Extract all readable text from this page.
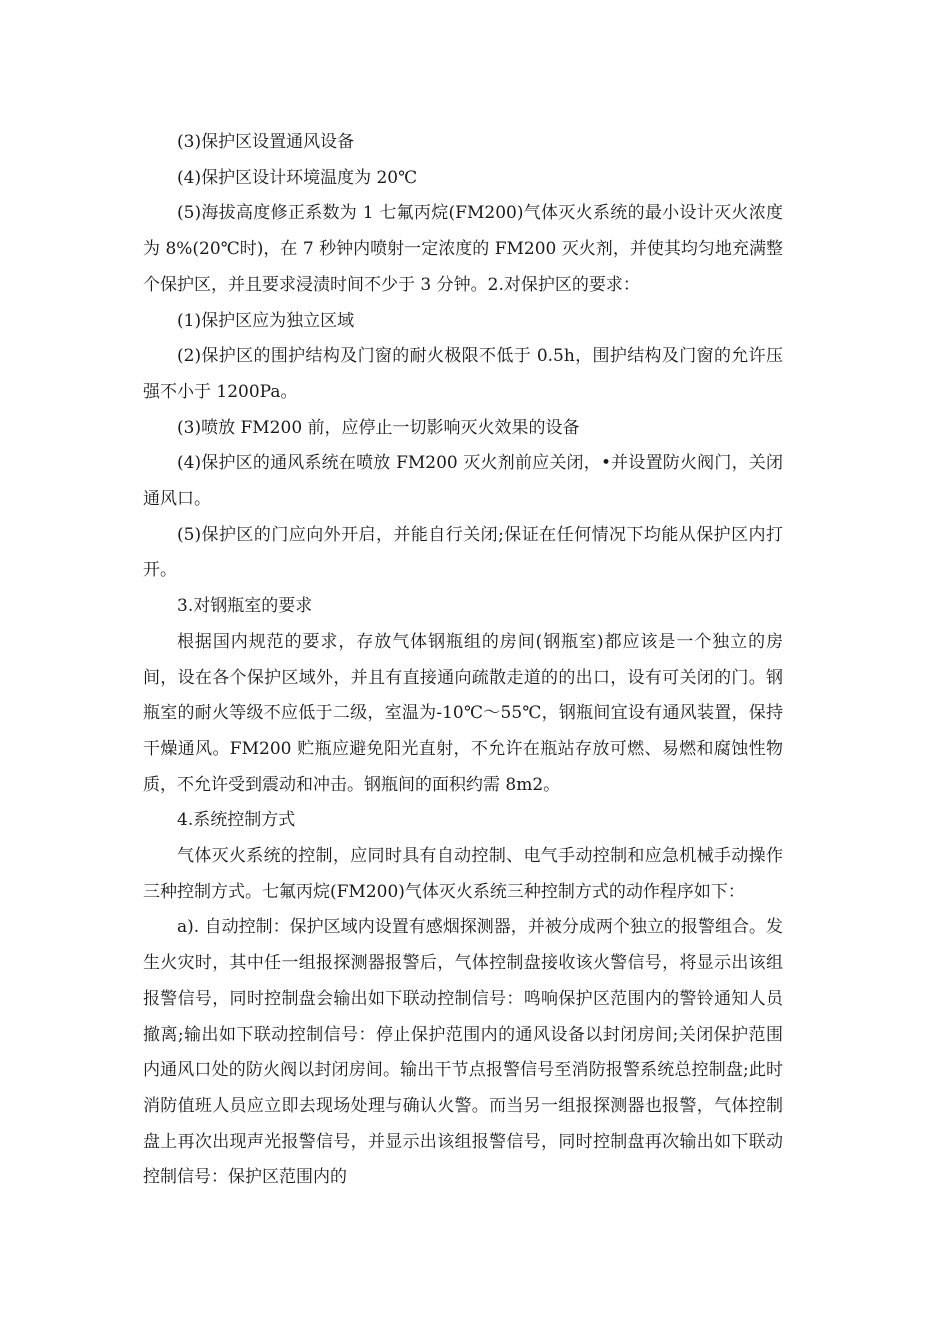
(3)保护区设置通风设备

(4)保护区设计环境温度为 20℃

(5)海拔高度修正系数为 1 七氟丙烷(FM200)气体灭火系统的最小设计灭火浓度为 8%(20℃时)，在 7 秒钟内喷射一定浓度的 FM200 灭火剂，并使其均匀地充满整个保护区，并且要求浸渍时间不少于 3 分钟。2.对保护区的要求：

(1)保护区应为独立区域

(2)保护区的围护结构及门窗的耐火极限不低于 0.5h，围护结构及门窗的允许压强不小于 1200Pa。

(3)喷放 FM200 前，应停止一切影响灭火效果的设备

(4)保护区的通风系统在喷放 FM200 灭火剂前应关闭，•并设置防火阀门，关闭通风口。

(5)保护区的门应向外开启，并能自行关闭;保证在任何情况下均能从保护区内打开。

3.对钢瓶室的要求

根据国内规范的要求，存放气体钢瓶组的房间(钢瓶室)都应该是一个独立的房间，设在各个保护区域外，并且有直接通向疏散走道的的出口，设有可关闭的门。钢瓶室的耐火等级不应低于二级，室温为-10℃～55℃，钢瓶间宜设有通风装置，保持干燥通风。FM200 贮瓶应避免阳光直射，不允许在瓶站存放可燃、易燃和腐蚀性物质，不允许受到震动和冲击。钢瓶间的面积约需 8m2。

4.系统控制方式

气体灭火系统的控制，应同时具有自动控制、电气手动控制和应急机械手动操作三种控制方式。七氟丙烷(FM200)气体灭火系统三种控制方式的动作程序如下：

a). 自动控制：保护区域内设置有感烟探测器，并被分成两个独立的报警组合。发生火灾时，其中任一组报探测器报警后，气体控制盘接收该火警信号，将显示出该组报警信号，同时控制盘会输出如下联动控制信号：鸣响保护区范围内的警铃通知人员撤离;输出如下联动控制信号：停止保护范围内的通风设备以封闭房间;关闭保护范围内通风口处的防火阀以封闭房间。输出干节点报警信号至消防报警系统总控制盘;此时消防值班人员应立即去现场处理与确认火警。而当另一组报探测器也报警，气体控制盘上再次出现声光报警信号，并显示出该组报警信号，同时控制盘再次输出如下联动控制信号：保护区范围内的
